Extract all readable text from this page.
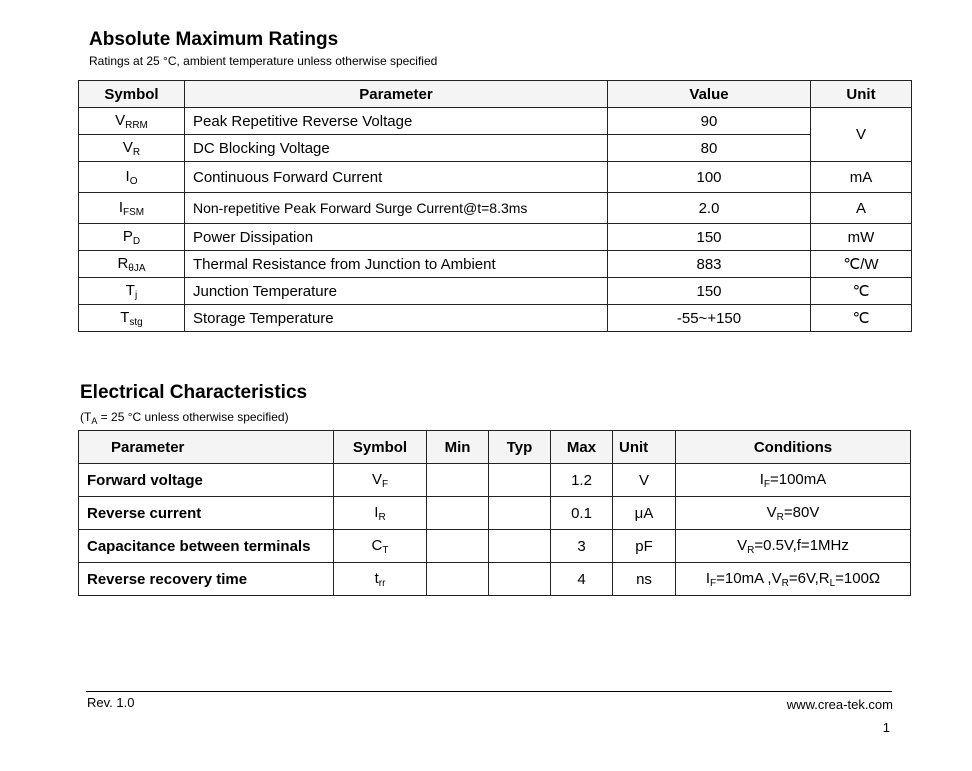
Absolute Maximum Ratings

Ratings at 25 °C, ambient temperature unless otherwise specified

Symbol	Parameter	Value	Unit
$V_{RRM}$	Peak Repetitive Reverse Voltage	90	V
$V_R$	DC Blocking Voltage	80	
$I_O$	Continuous Forward Current	100	mA
$I_{FSM}$	Non-repetitive Peak Forward Surge Current@t=8.3ms	2.0	A
$P_D$	Power Dissipation	150	mW
$R_{\theta JA}$	Thermal Resistance from Junction to Ambient	883	℃/W
$T_j$	Junction Temperature	150	℃
$T_{stg}$	Storage Temperature	-55~+150	℃
Electrical Characteristics

($T_A = 25$ °C unless otherwise specified)

Parameter	Symbol	Min	Typ	Max	Unit	Conditions
Forward voltage	$V_F$			1.2	V	$I_F=100mA$
Reverse current	$I_R$			0.1	μA	$V_R=80V$
Capacitance between terminals	$C_T$			3	pF	$V_R=0.5V,f=1MHz$
Reverse recovery time	$t_{rr}$			4	ns	$I_F=10mA$ $,V_R=6V,R_L=100\Omega$
Rev. 1.0	www.crea-tek.com
1
